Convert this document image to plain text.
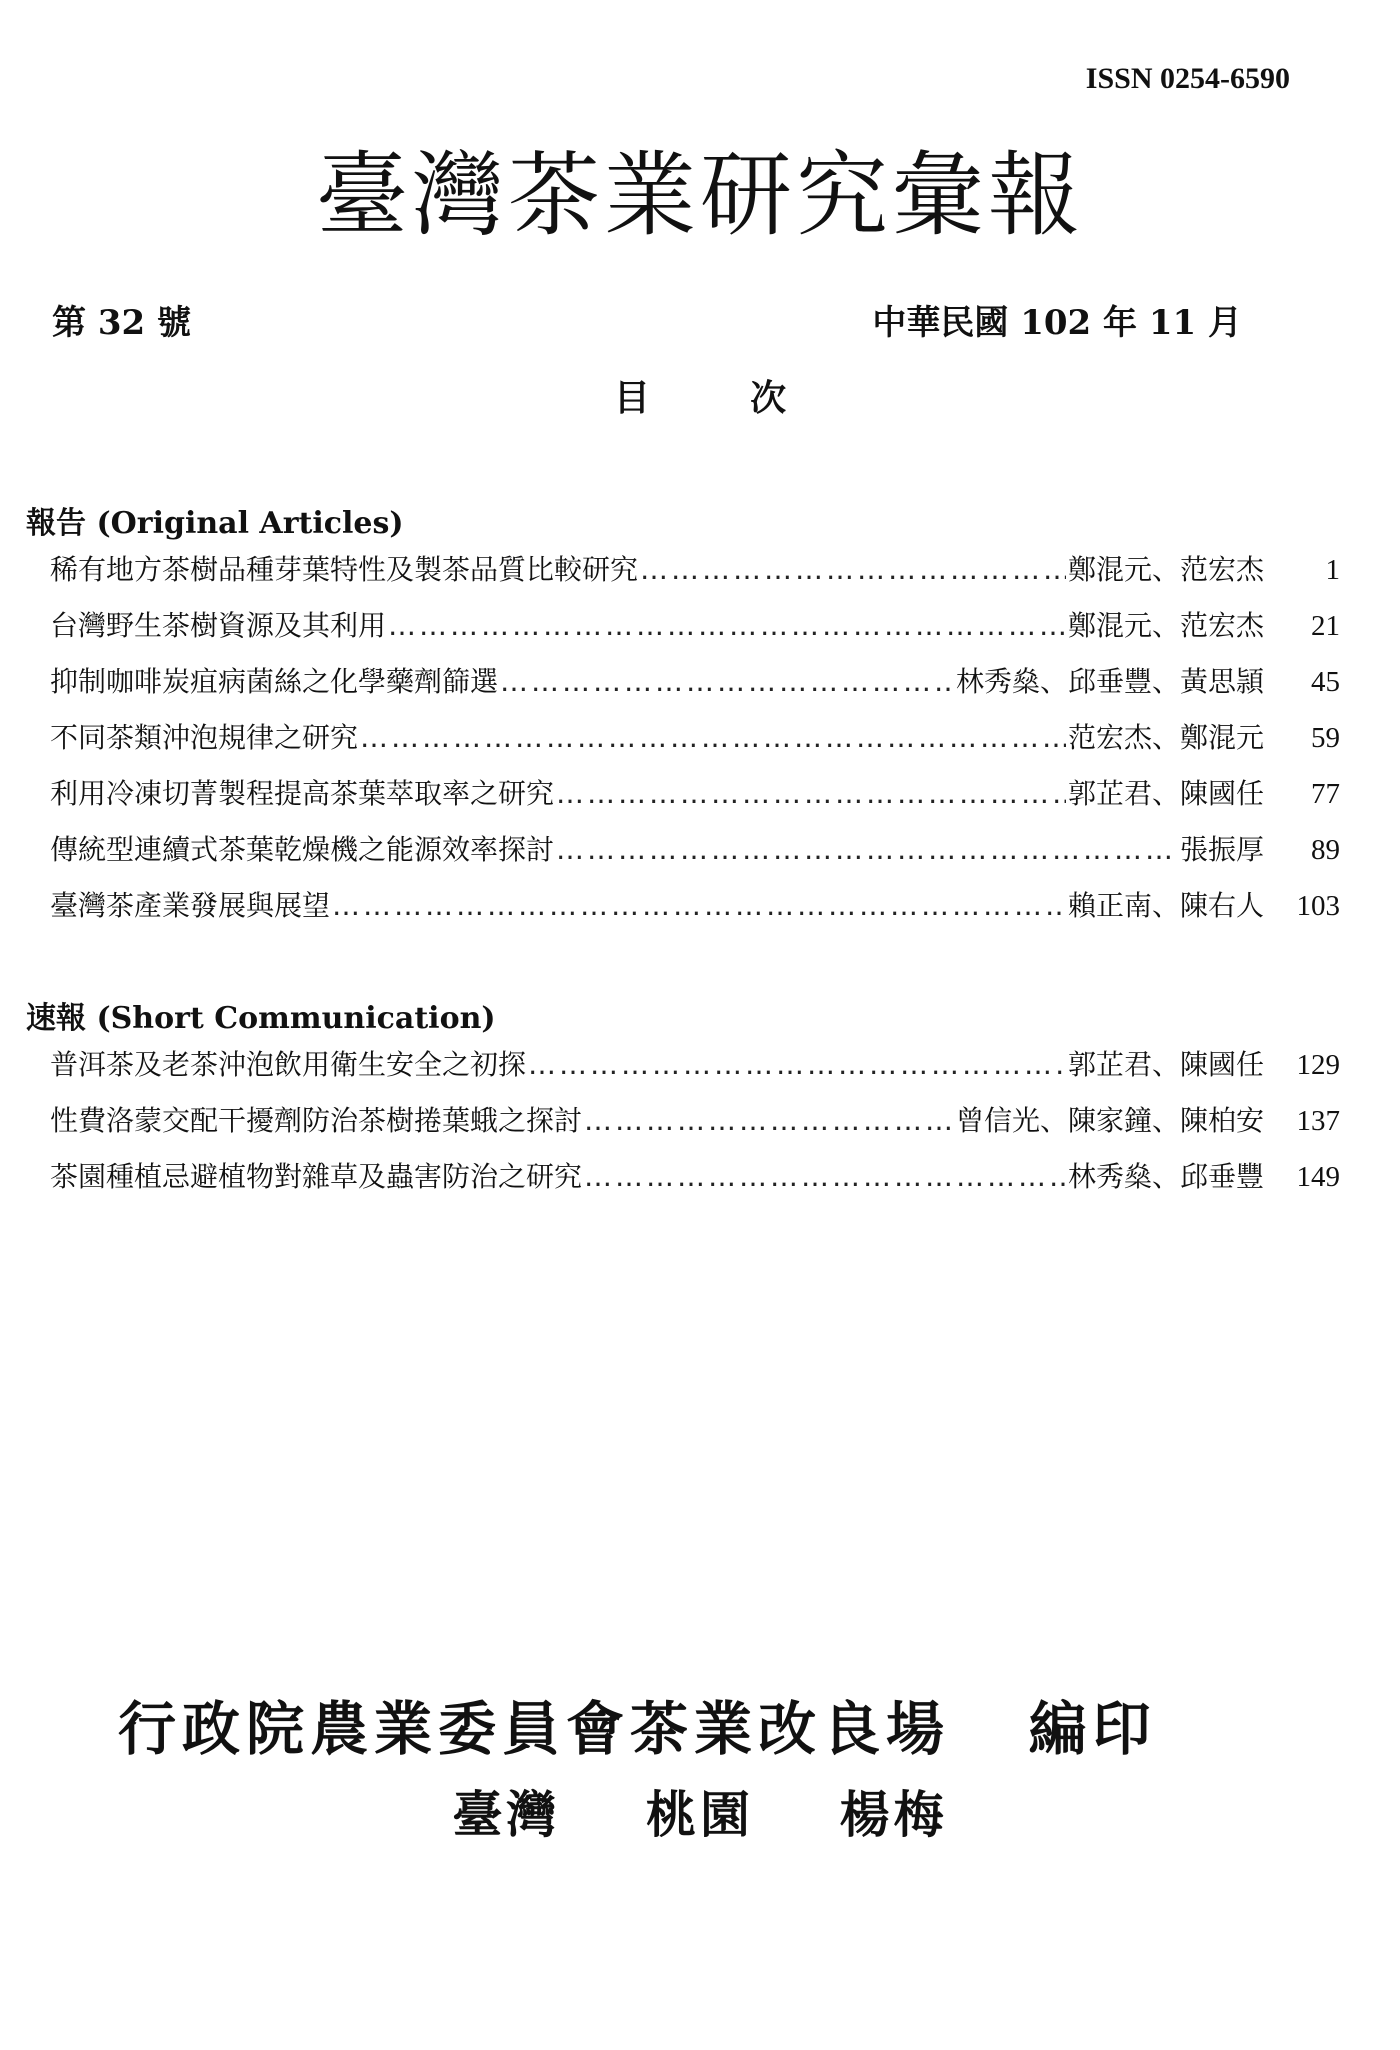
ISSN 0254-6590
臺灣茶業研究彙報
第 32 號	中華民國 102 年 11 月
目        次
報告 (Original Articles)
稀有地方茶樹品種芽葉特性及製茶品質比較研究 ……………………………………………………………………………………………………………………………………	鄭混元、范宏杰	1
台灣野生茶樹資源及其利用 ……………………………………………………………………………………………………………………………………	鄭混元、范宏杰	21
抑制咖啡炭疽病菌絲之化學藥劑篩選 ……………………………………………………………………………………………………………………………………	林秀燊、邱垂豐、黃思頴	45
不同茶類沖泡規律之研究 ……………………………………………………………………………………………………………………………………	范宏杰、鄭混元	59
利用冷凍切菁製程提高茶葉萃取率之研究 ……………………………………………………………………………………………………………………………………	郭芷君、陳國任	77
傳統型連續式茶葉乾燥機之能源效率探討 ……………………………………………………………………………………………………………………………………	張振厚	89
臺灣茶產業發展與展望 ……………………………………………………………………………………………………………………………………	賴正南、陳右人	103
速報 (Short Communication)
普洱茶及老茶沖泡飲用衛生安全之初探 ……………………………………………………………………………………………………………………………………	郭芷君、陳國任	129
性費洛蒙交配干擾劑防治茶樹捲葉蛾之探討 ……………………………………………………………………………………………………………………………………	曾信光、陳家鐘、陳柏安	137
茶園種植忌避植物對雜草及蟲害防治之研究 ……………………………………………………………………………………………………………………………………	林秀燊、邱垂豐	149
行政院農業委員會茶業改良場   編印
臺灣    桃園    楊梅
